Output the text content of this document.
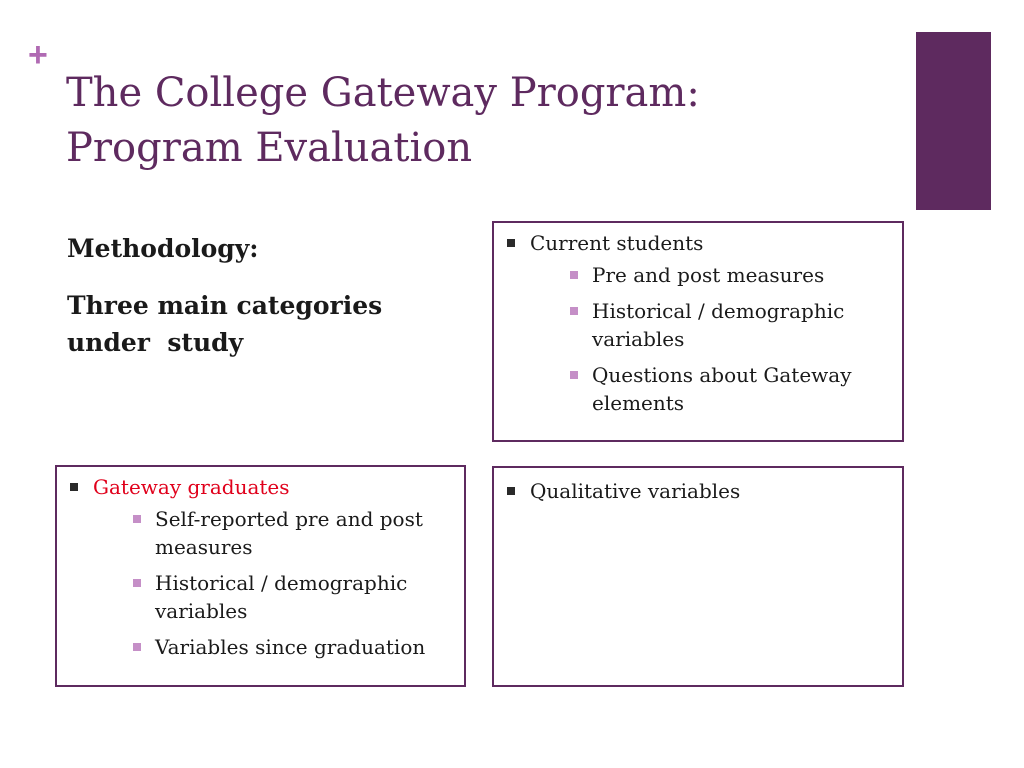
+
The College Gateway Program:
Program Evaluation

Methodology:

Three main categories under  study

Current students
Pre and post measures
Historical / demographic variables
Questions about Gateway elements
Gateway graduates
Self-reported pre and post measures
Historical / demographic variables
Variables since graduation
Qualitative variables
